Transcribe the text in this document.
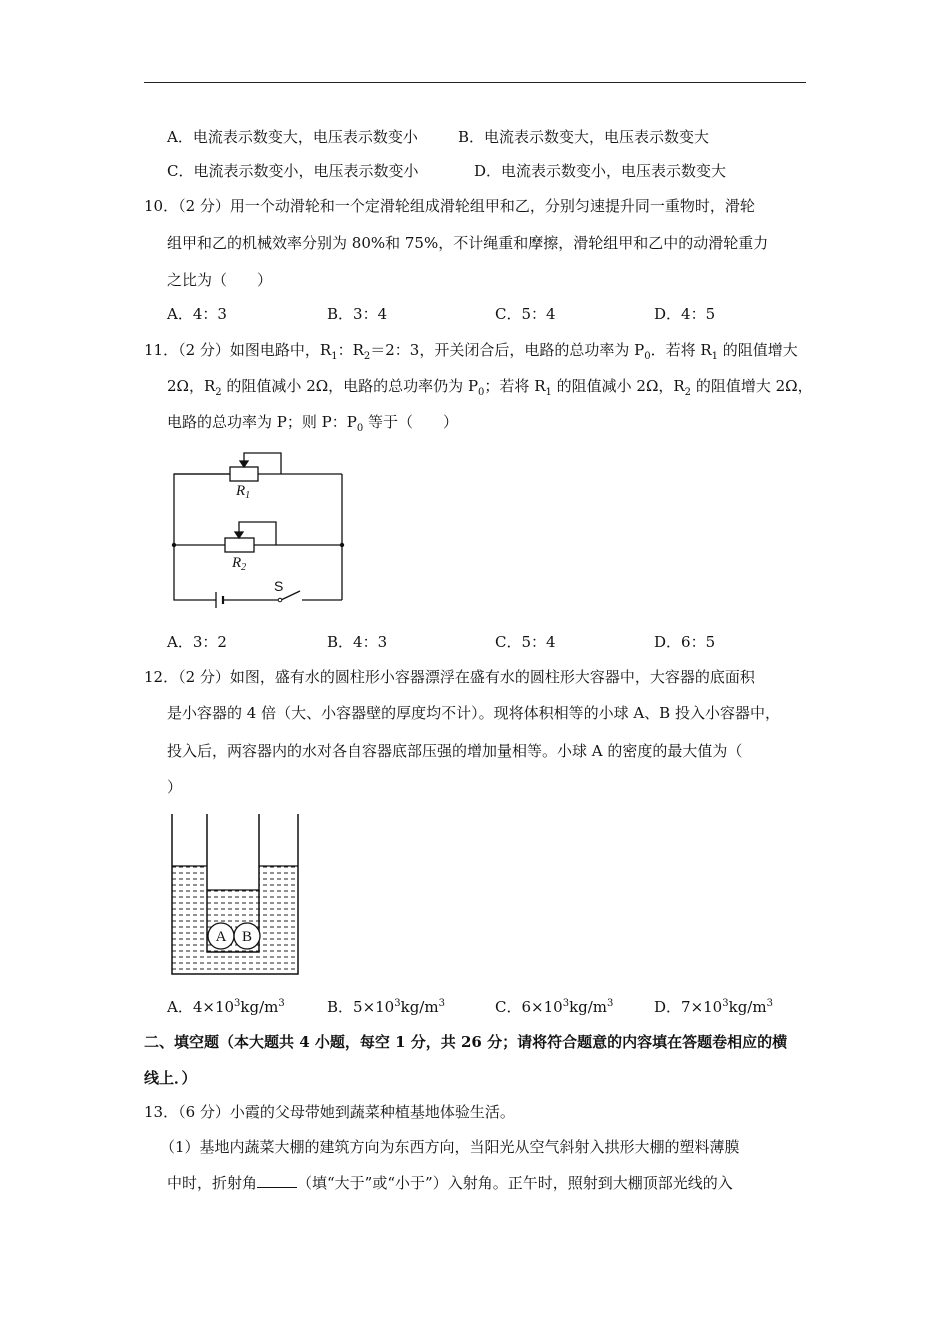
A．电流表示数变大，电压表示数变小	B．电流表示数变大，电压表示数变大
C．电流表示数变小，电压表示数变小	D．电流表示数变小，电压表示数变大
10．（2 分）用一个动滑轮和一个定滑轮组成滑轮组甲和乙，分别匀速提升同一重物时，滑轮
组甲和乙的机械效率分别为 80%和 75%，不计绳重和摩擦，滑轮组甲和乙中的动滑轮重力
之比为（　　）
A．4：3	B．3：4	C．5：4	D．4：5
11．（2 分）如图电路中，$R_1$：$R_2=2$：3，开关闭合后，电路的总功率为 $P_0$．若将 $R_1$ 的阻值增大
2Ω，$R_2$ 的阻值减小 2Ω，电路的总功率仍为 $P_0$；若将 $R_1$ 的阻值减小 2Ω，$R_2$ 的阻值增大 2Ω，
电路的总功率为 P；则 P：$P_0$ 等于（　　）
$R_1$
$R_2$
S
A．3：2	B．4：3	C．5：4	D．6：5
12．（2 分）如图，盛有水的圆柱形小容器漂浮在盛有水的圆柱形大容器中，大容器的底面积
是小容器的 4 倍（大、小容器壁的厚度均不计）。现将体积相等的小球 A、B 投入小容器中，
投入后，两容器内的水对各自容器底部压强的增加量相等。小球 A 的密度的最大值为（
）
A B
A．$4\times 10^3kg/m^3$	B．$5\times 10^3kg/m^3$	C．$6\times 10^3kg/m^3$	D．$7\times 10^3kg/m^3$
二、填空题（本大题共 4 小题，每空 1 分，共 26 分；请将符合题意的内容填在答题卷相应的横
线上．）
13．（6 分）小霞的父母带她到蔬菜种植基地体验生活。
（1）基地内蔬菜大棚的建筑方向为东西方向，当阳光从空气斜射入拱形大棚的塑料薄膜
中时，折射角	（填“大于”或“小于”）入射角。正午时，照射到大棚顶部光线的入
